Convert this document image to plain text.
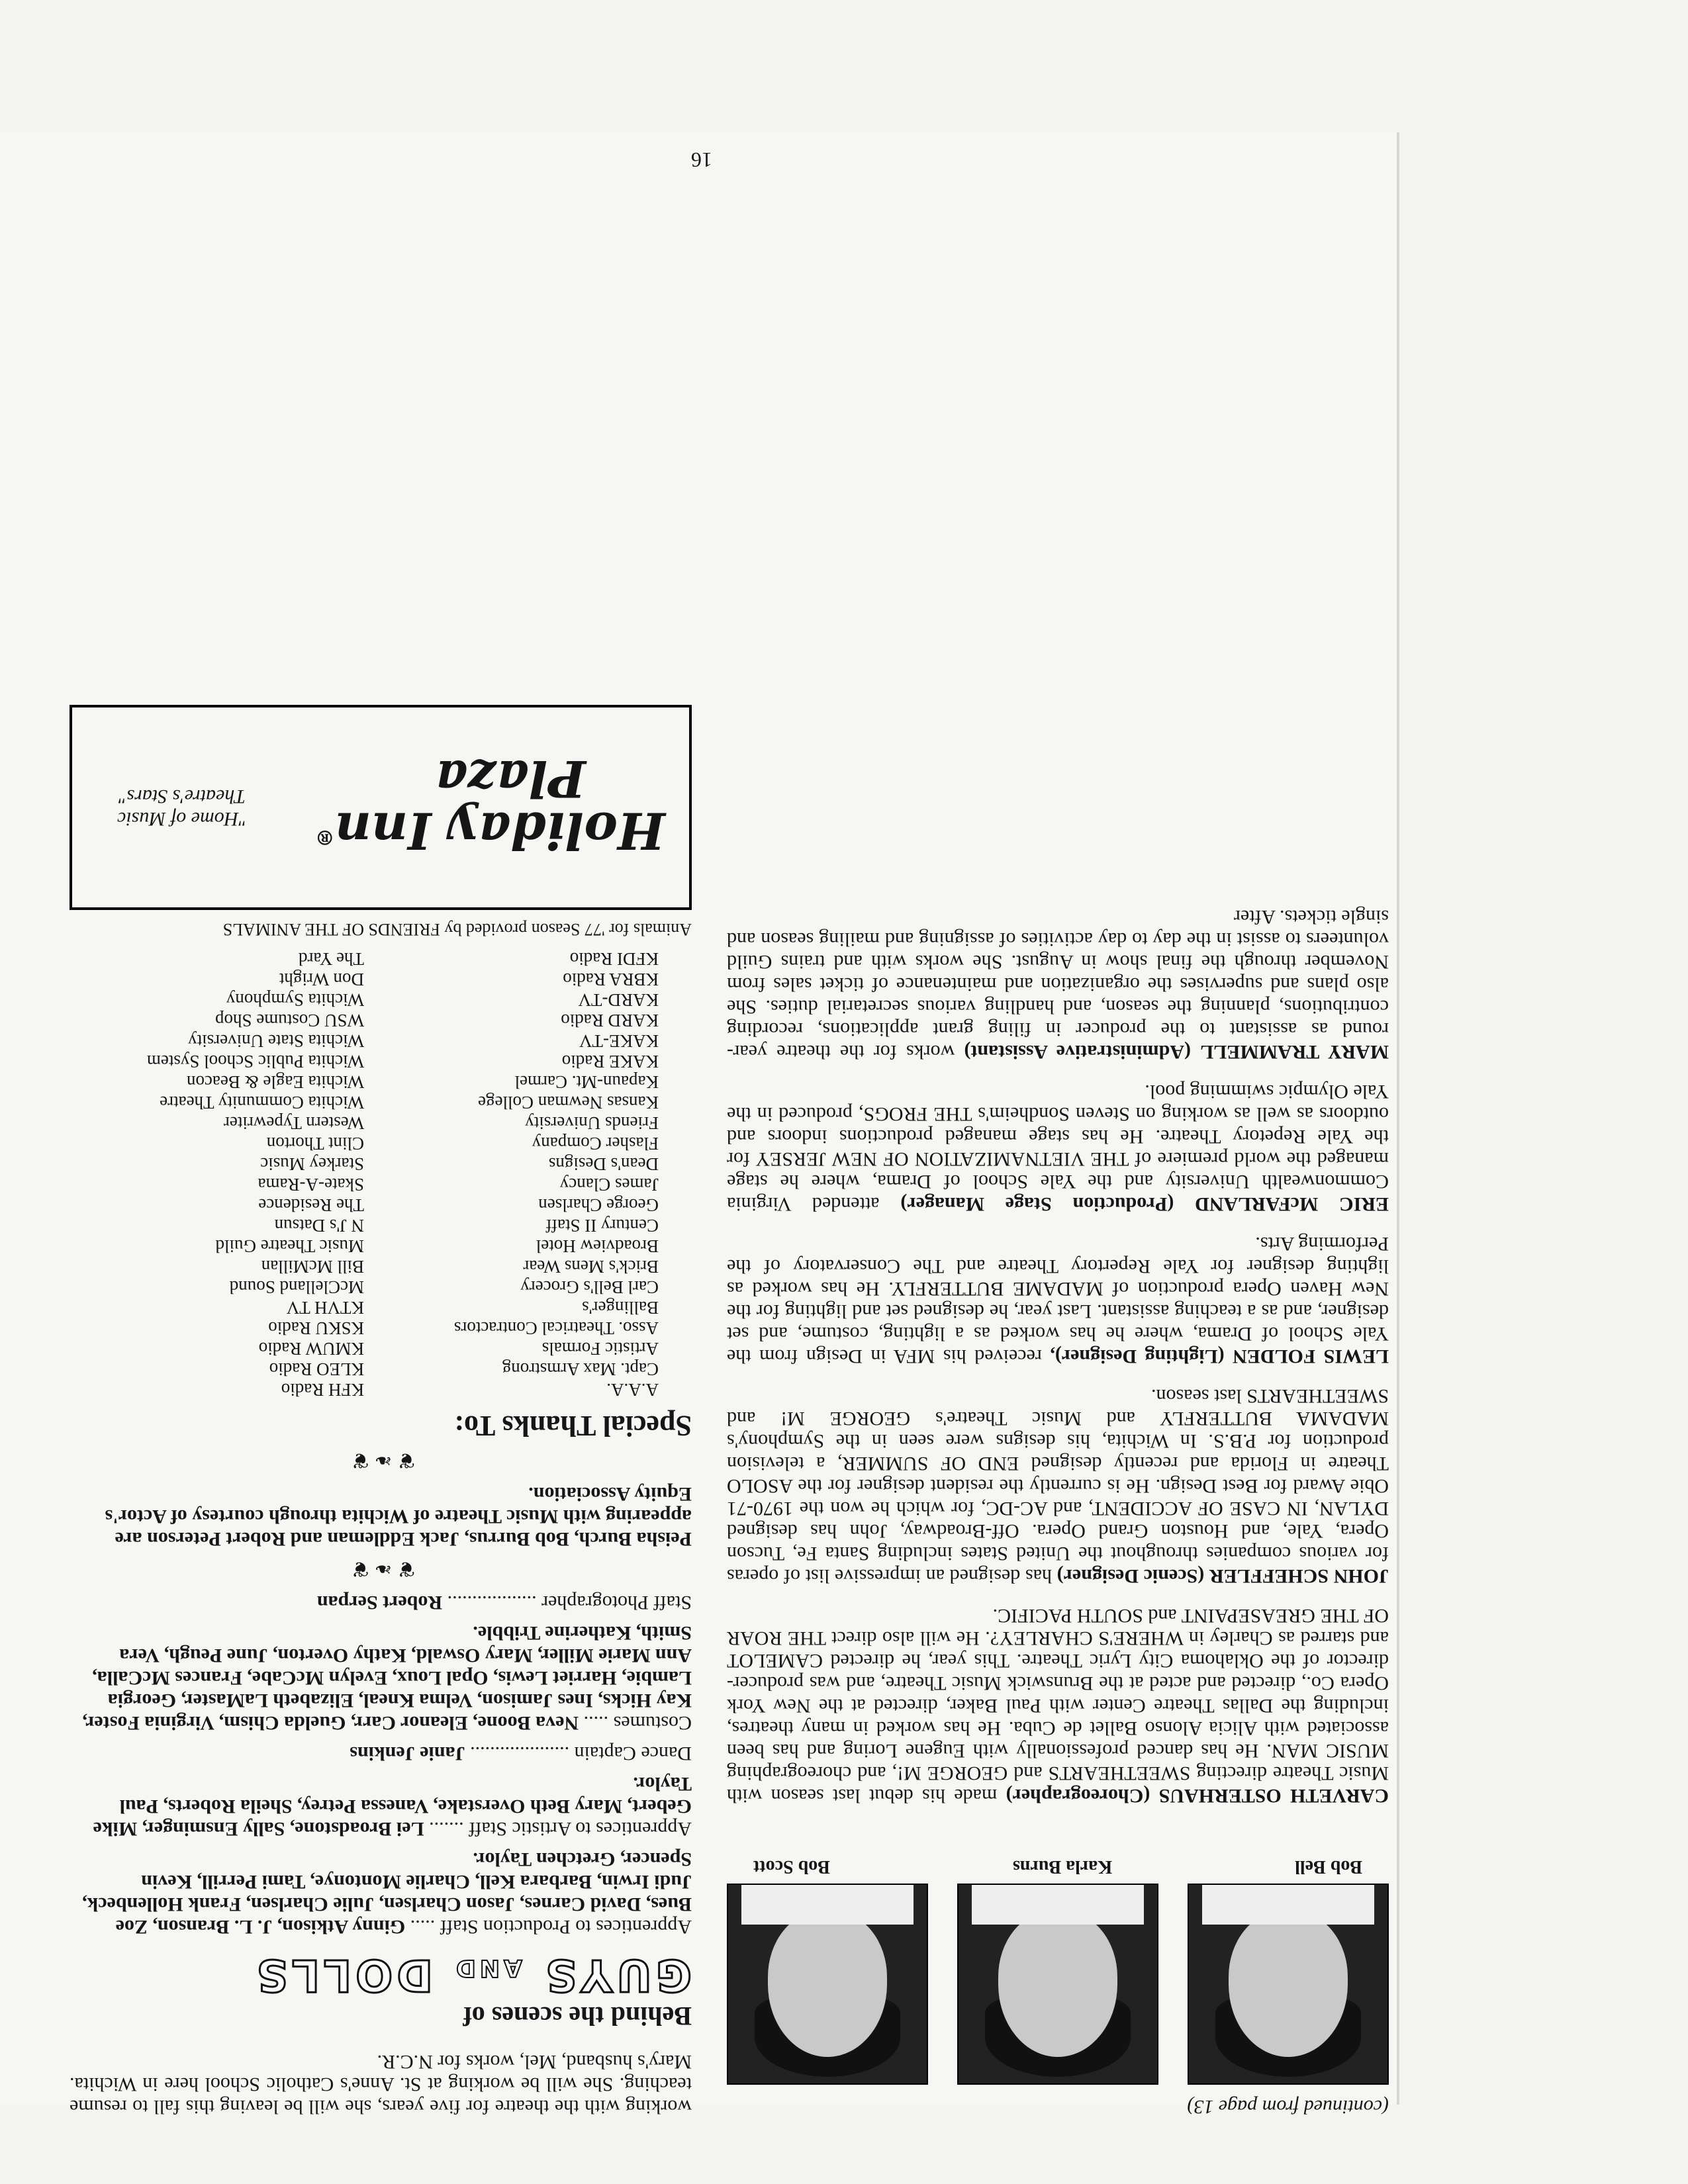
(continued from page 13)
Bob Bell
Karla Burns
Bob Scott

CARVETH OSTERHAUS (Choreographer) made his debut last season with Music Theatre directing SWEETHEARTS and GEORGE M!, and choreographing MUSIC MAN. He has danced professionally with Eugene Loring and has been associated with Alicia Alonso Ballet de Cuba. He has worked in many theatres, including the Dallas Theatre Center with Paul Baker, directed at the New York Opera Co., directed and acted at the Brunswick Music Theatre, and was producer-director of the Oklahoma City Lyric Theatre. This year, he directed CAMELOT and starred as Charley in WHERE'S CHARLEY?. He will also direct THE ROAR OF THE GREASEPAINT and SOUTH PACIFIC.

JOHN SCHEFFLER (Scenic Designer) has designed an impressive list of operas for various companies throughout the United States including Santa Fe, Tucson Opera, Yale, and Houston Grand Opera. Off-Broadway, John has designed DYLAN, IN CASE OF ACCIDENT, and AC-DC, for which he won the 1970-71 Obie Award for Best Design. He is currently the resident designer for the ASOLO Theatre in Florida and recently designed END OF SUMMER, a television production for P.B.S. In Wichita, his designs were seen in the Symphony's MADAMA BUTTERFLY and Music Theatre's GEORGE M! and SWEETHEARTS last season.

LEWIS FOLDEN (Lighting Designer), received his MFA in Design from the Yale School of Drama, where he has worked as a lighting, costume, and set designer, and as a teaching assistant. Last year, he designed set and lighting for the New Haven Opera production of MADAME BUTTERFLY. He has worked as lighting designer for Yale Repertory Theatre and The Conservatory of the Performing Arts.

ERIC McFARLAND (Production Stage Manager) attended Virginia Commonwealth University and the Yale School of Drama, where he stage managed the world premiere of THE VIETNAMIZATION OF NEW JERSEY for the Yale Repetory Theatre. He has stage managed productions indoors and outdoors as well as working on Steven Sondheim's THE FROGS, produced in the Yale Olympic swimming pool.

MARY TRAMMELL (Administrative Assistant) works for the theatre year-round as assistant to the producer in filing grant applications, recording contributions, planning the season, and handling various secretarial duties. She also plans and supervises the organization and maintenance of ticket sales from November through the final show in August. She works with and trains Guild volunteers to assist in the day to day activities of assigning and mailing season and single tickets. After

working with the theatre for five years, she will be leaving this fall to resume teaching. She will be working at St. Anne's Catholic School here in Wichita. Mary's husband, Mel, works for N.C.R.

Behind the scenes of
GUYS AND DOLLS

Apprentices to Production Staff ..... Ginny Atkison, J. L. Branson, Zoe Bues, David Carnes, Jason Charlsen, Julie Charlsen, Frank Hollenbeck, Judi Irwin, Barbara Kell, Charlie Montonye, Tami Perrill, Kevin Spencer, Gretchen Taylor.

Apprentices to Artistic Staff ....... Lei Broadstone, Sally Ensminger, Mike Gebert, Mary Beth Overstake, Vanessa Petrey, Sheila Roberts, Paul Taylor.

Dance Captain .................... Janie Jenkins

Costumes ..... Neva Boone, Eleanor Carr, Guelda Chism, Virginia Foster, Kay Hicks, Ines Jamison, Velma Kneal, Elizabeth LaMaster, Georgia Lambie, Harriet Lewis, Opal Loux, Evelyn McCabe, Frances McCalla, Ann Marie Miller, Mary Oswald, Kathy Overton, June Peugh, Vera Smith, Katherine Tribble.

Staff Photographer .................. Robert Serpan

❦❧❦

Peisha Burch, Bob Burrus, Jack Eddleman and Robert Peterson are appearing with Music Theatre of Wichita through courtesy of Actor's Equity Association.

❦❧❦
Special Thanks To:
A.A.A.
Capt. Max Armstrong
Artistic Formals
Asso. Theatrical Contractors
Ballinger's
Carl Bell's Grocery
Brick's Mens Wear
Broadview Hotel
Century II Staff
George Charlsen
James Clancy
Dean's Designs
Flasher Company
Friends University
Kansas Newman College
Kapaun-Mt. Carmel
KAKE Radio
KAKE-TV
KARD Radio
KARD-TV
KBRA Radio
KFDI Radio
KFH Radio
KLEO Radio
KMUW Radio
KSKU Radio
KTVH TV
McClelland Sound
Bill McMillan
Music Theatre Guild
N J's Datsun
The Residence
Skate-A-Rama
Starkey Music
Clint Thorton
Western Typewriter
Wichita Community Theatre
Wichita Eagle & Beacon
Wichita Public School System
Wichita State University
WSU Costume Shop
Wichita Symphony
Don Wright
The Yard
Animals for '77 Season provided by FRIENDS OF THE ANIMALS
Holiday Inn®
Plaza
"Home of Music Theatre's Stars"
16
